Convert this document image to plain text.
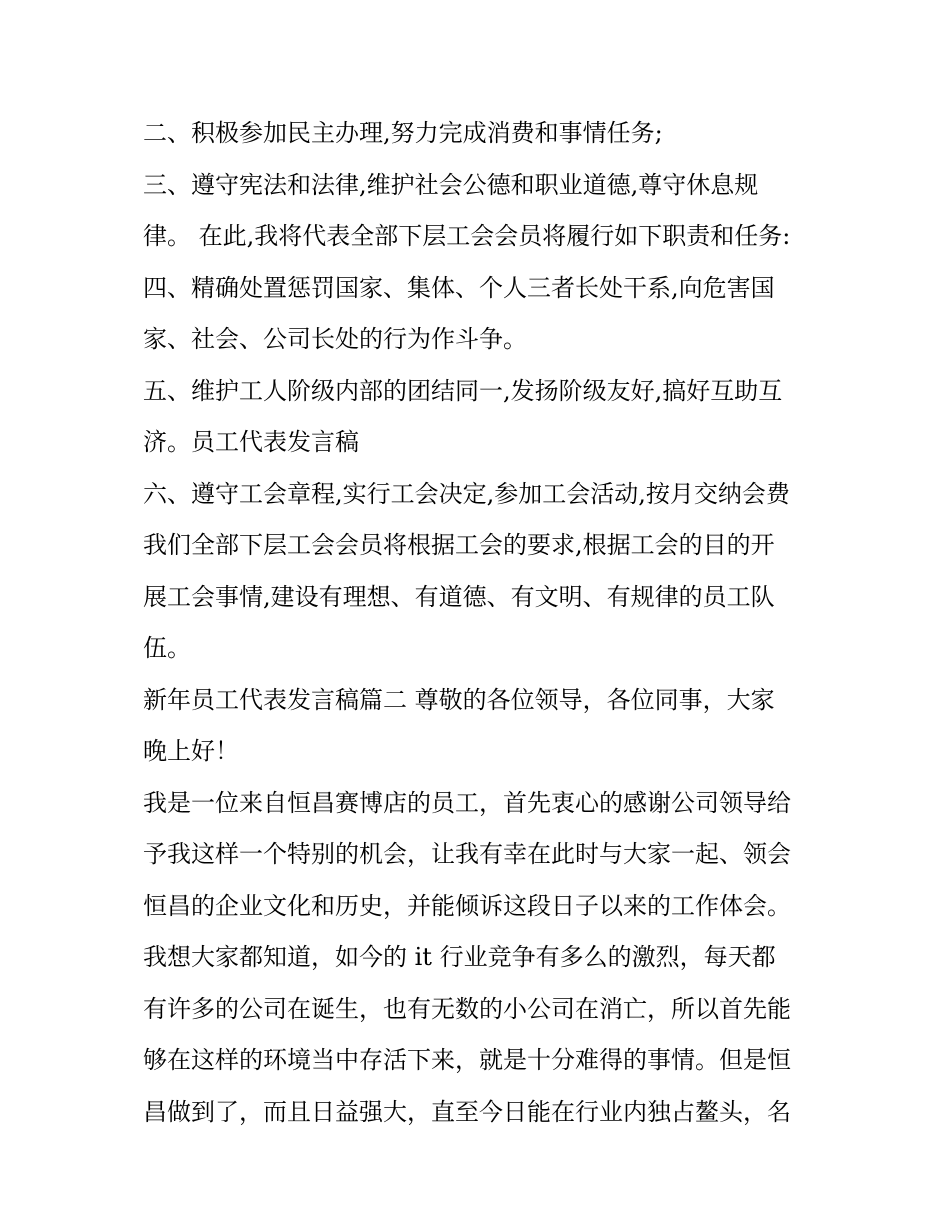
二、积极参加民主办理,努力完成消费和事情任务;
三、遵守宪法和法律,维护社会公德和职业道德,尊守休息规
律。 在此,我将代表全部下层工会会员将履行如下职责和任务:
四、精确处置惩罚国家、集体、个人三者长处干系,向危害国
家、社会、公司长处的行为作斗争。
五、维护工人阶级内部的团结同一,发扬阶级友好,搞好互助互
济。员工代表发言稿
六、遵守工会章程,实行工会决定,参加工会活动,按月交纳会费
我们全部下层工会会员将根据工会的要求,根据工会的目的开
展工会事情,建设有理想、有道德、有文明、有规律的员工队
伍。
新年员工代表发言稿篇二 尊敬的各位领导，各位同事，大家
晚上好！
我是一位来自恒昌赛博店的员工，首先衷心的感谢公司领导给
予我这样一个特别的机会，让我有幸在此时与大家一起、领会
恒昌的企业文化和历史，并能倾诉这段日子以来的工作体会。
我想大家都知道，如今的 it 行业竞争有多么的激烈，每天都
有许多的公司在诞生，也有无数的小公司在消亡，所以首先能
够在这样的环境当中存活下来，就是十分难得的事情。但是恒
昌做到了，而且日益强大，直至今日能在行业内独占鳌头，名
